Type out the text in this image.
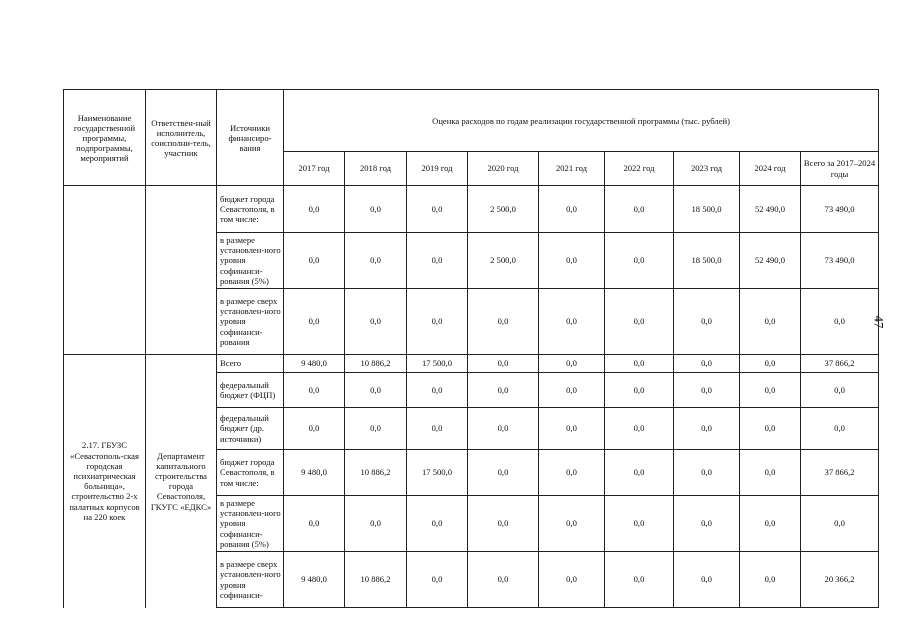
Наименование государственной программы, подпрограммы, мероприятий	Ответствен-ный исполнитель, соисполни-тель, участник	Источники финансиро-вания	Оценка расходов по годам реализации государственной программы (тыс. рублей)								
			2017 год	2018 год	2019 год	2020 год	2021 год	2022 год	2023 год	2024 год	Всего за 2017–2024 годы
		бюджет города Севастополя, в том числе:	0,0	0,0	0,0	2 500,0	0,0	0,0	18 500,0	52 490,0	73 490,0
		в размере установлен-ного уровня софинанси-рования (5%)	0,0	0,0	0,0	2 500,0	0,0	0,0	18 500,0	52 490,0	73 490,0
		в размере сверх установлен-ного уровня софинанси-рования	0,0	0,0	0,0	0,0	0,0	0,0	0,0	0,0	0,0
2.17. ГБУЗС «Севастополь-ская городская психиатрическая больница», строительство 2-х палатных корпусов на 220 коек	Департамент капитального строительства города Севастополя, ГКУГС «ЕДКС»	Всего	9 480,0	10 886,2	17 500,0	0,0	0,0	0,0	0,0	0,0	37 866,2
		федеральный бюджет (ФЦП)	0,0	0,0	0,0	0,0	0,0	0,0	0,0	0,0	0,0
		федеральный бюджет (др. источники)	0,0	0,0	0,0	0,0	0,0	0,0	0,0	0,0	0,0
		бюджет города Севастополя, в том числе:	9 480,0	10 886,2	17 500,0	0,0	0,0	0,0	0,0	0,0	37 866,2
		в размере установлен-ного уровня софинанси-рования (5%)	0,0	0,0	0,0	0,0	0,0	0,0	0,0	0,0	0,0
		в размере сверх установлен-ного уровня софинанси-	9 480,0	10 886,2	0,0	0,0	0,0	0,0	0,0	0,0	20 366,2
47
